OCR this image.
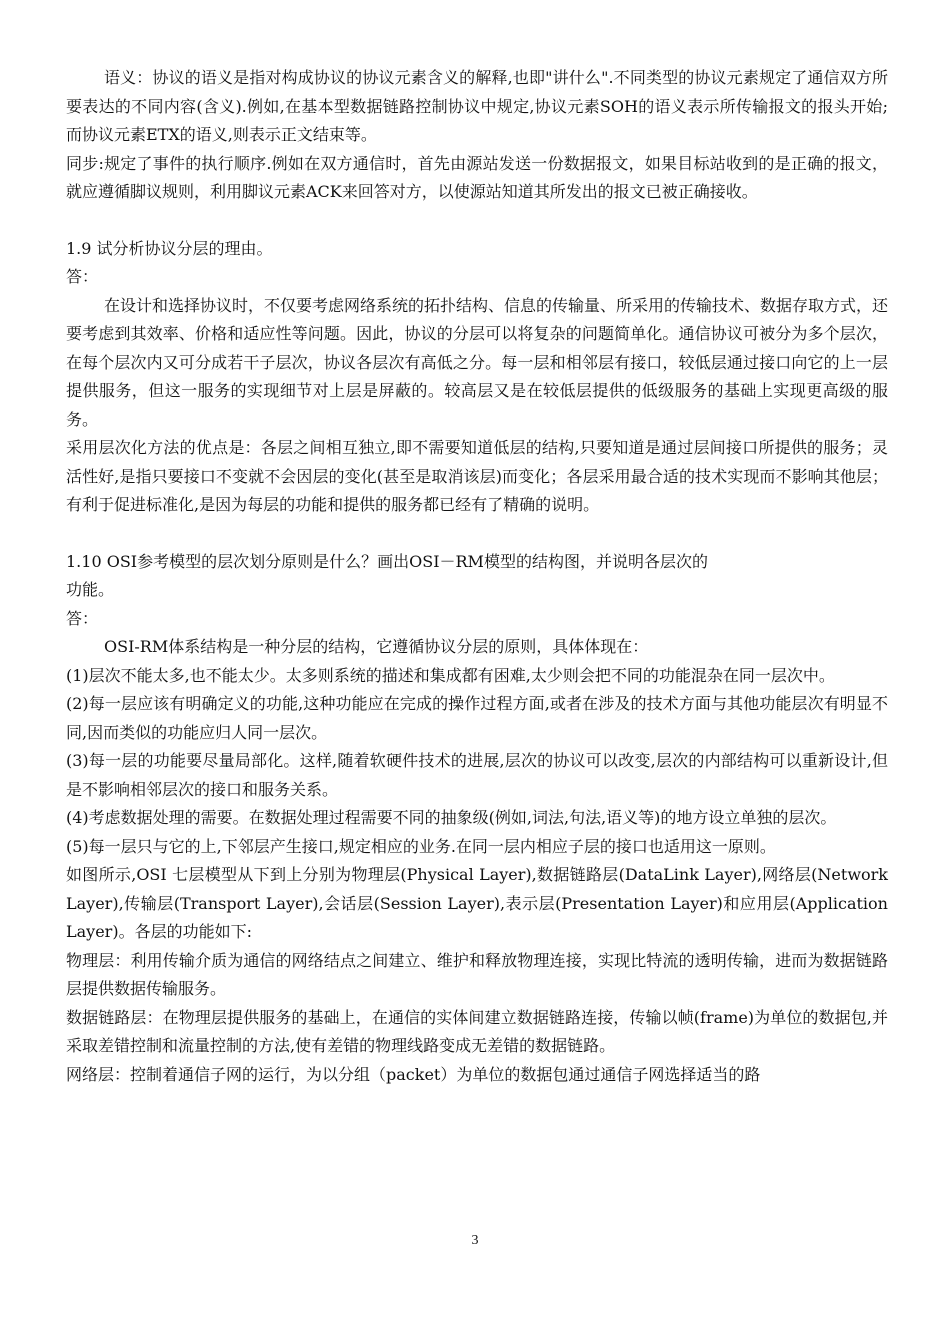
语义：协议的语义是指对构成协议的协议元素含义的解释,也即"讲什么".不同类型的协议元素规定了通信双方所要表达的不同内容(含义).例如,在基本型数据链路控制协议中规定,协议元素SOH的语义表示所传输报文的报头开始;而协议元素ETX的语义,则表示正文结束等。

同步:规定了事件的执行顺序.例如在双方通信时，首先由源站发送一份数据报文，如果目标站收到的是正确的报文，就应遵循脚议规则，利用脚议元素ACK来回答对方，以使源站知道其所发出的报文已被正确接收。

1.9 试分析协议分层的理由。

答：

在设计和选择协议时，不仅要考虑网络系统的拓扑结构、信息的传输量、所采用的传输技术、数据存取方式，还要考虑到其效率、价格和适应性等问题。因此，协议的分层可以将复杂的问题简单化。通信协议可被分为多个层次，在每个层次内又可分成若干子层次，协议各层次有高低之分。每一层和相邻层有接口，较低层通过接口向它的上一层提供服务，但这一服务的实现细节对上层是屏蔽的。较高层又是在较低层提供的低级服务的基础上实现更高级的服务。

采用层次化方法的优点是：各层之间相互独立,即不需要知道低层的结构,只要知道是通过层间接口所提供的服务；灵活性好,是指只要接口不变就不会因层的变化(甚至是取消该层)而变化；各层采用最合适的技术实现而不影响其他层；有利于促进标准化,是因为每层的功能和提供的服务都已经有了精确的说明。

1.10 OSI参考模型的层次划分原则是什么？画出OSI－RM模型的结构图，并说明各层次的

功能。

答：

OSI-RM体系结构是一种分层的结构，它遵循协议分层的原则，具体体现在：

(1)层次不能太多,也不能太少。太多则系统的描述和集成都有困难,太少则会把不同的功能混杂在同一层次中。

(2)每一层应该有明确定义的功能,这种功能应在完成的操作过程方面,或者在涉及的技术方面与其他功能层次有明显不同,因而类似的功能应归人同一层次。

(3)每一层的功能要尽量局部化。这样,随着软硬件技术的进展,层次的协议可以改变,层次的内部结构可以重新设计,但是不影响相邻层次的接口和服务关系。

(4)考虑数据处理的需要。在数据处理过程需要不同的抽象级(例如,词法,句法,语义等)的地方设立单独的层次。

(5)每一层只与它的上,下邻层产生接口,规定相应的业务.在同一层内相应子层的接口也适用这一原则。

如图所示,OSI 七层模型从下到上分别为物理层(Physical Layer),数据链路层(DataLink Layer),网络层(Network Layer),传输层(Transport Layer),会话层(Session Layer),表示层(Presentation Layer)和应用层(Application Layer)。各层的功能如下:

物理层：利用传输介质为通信的网络结点之间建立、维护和释放物理连接，实现比特流的透明传输，进而为数据链路层提供数据传输服务。

数据链路层：在物理层提供服务的基础上，在通信的实体间建立数据链路连接，传输以帧(frame)为单位的数据包,并采取差错控制和流量控制的方法,使有差错的物理线路变成无差错的数据链路。

网络层：控制着通信子网的运行，为以分组（packet）为单位的数据包通过通信子网选择适当的路

3
